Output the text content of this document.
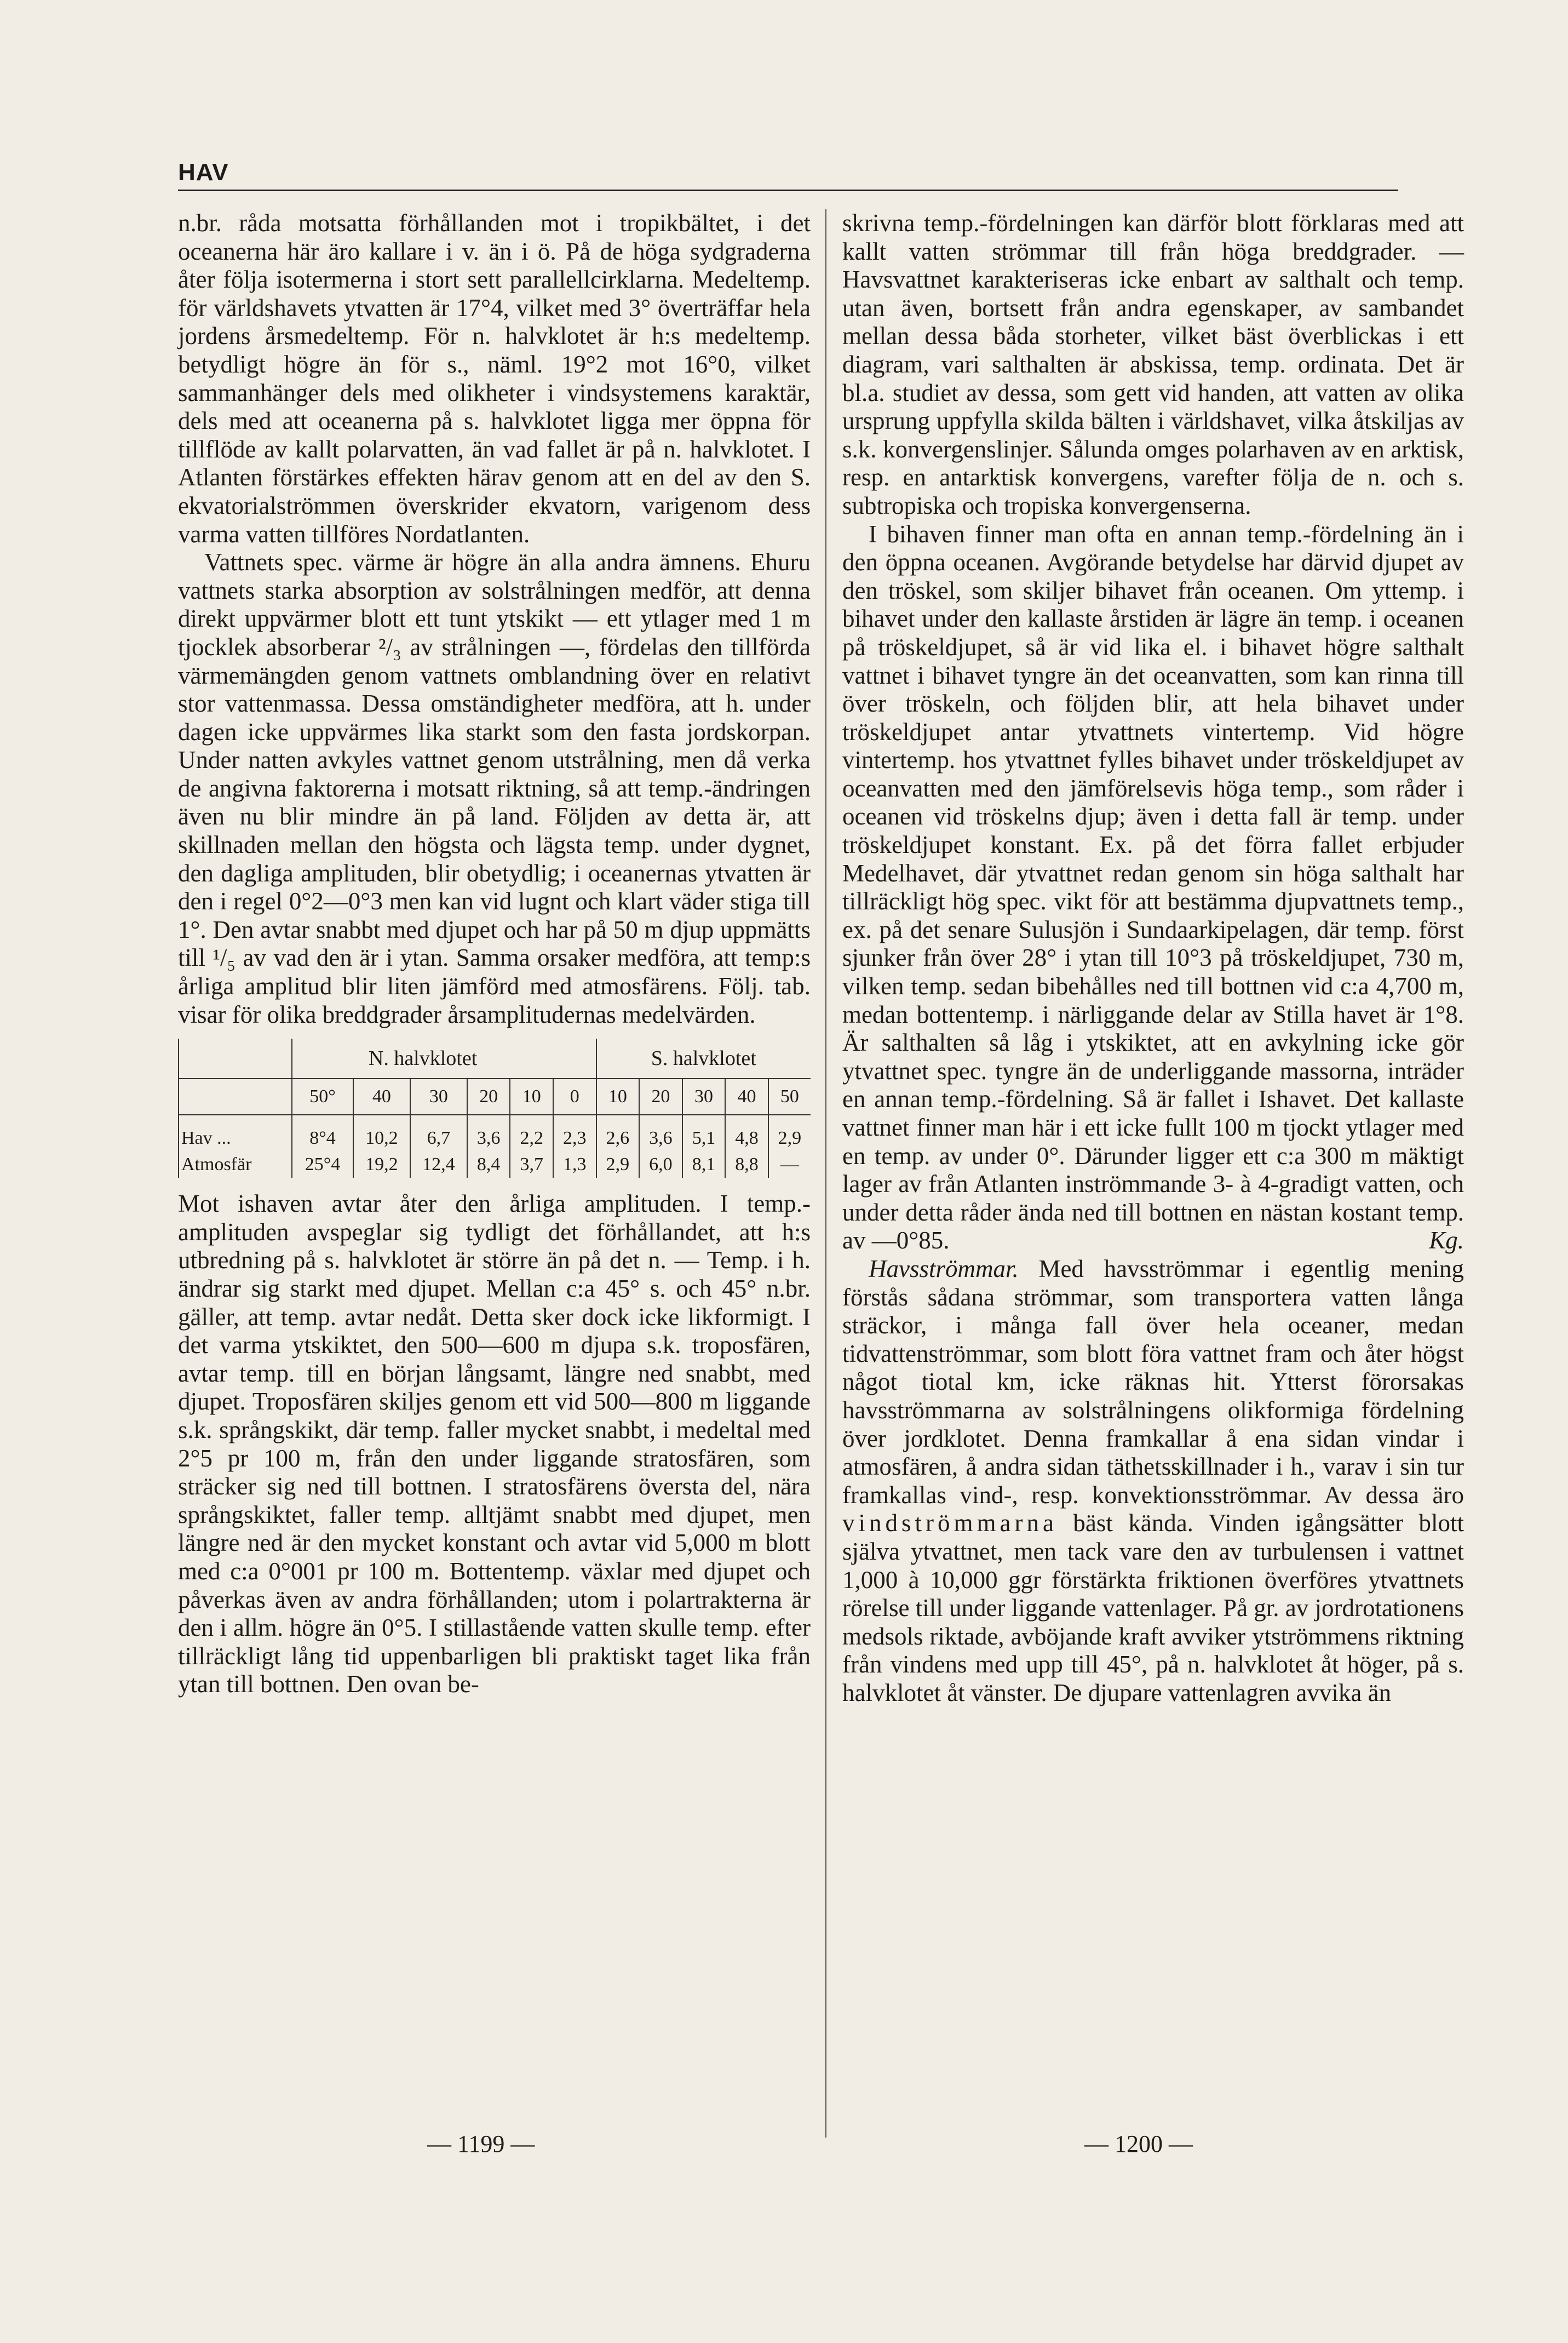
HAV

n.br. råda motsatta förhållanden mot i tropikbältet, i det oceanerna här äro kallare i v. än i ö. På de höga sydgraderna åter följa isotermerna i stort sett parallellcirklarna. Medeltemp. för världshavets ytvatten är 17°4, vilket med 3° överträffar hela jordens årsmedeltemp. För n. halvklotet är h:s medeltemp. betydligt högre än för s., näml. 19°2 mot 16°0, vilket sammanhänger dels med olikheter i vindsystemens karaktär, dels med att oceanerna på s. halvklotet ligga mer öppna för tillflöde av kallt polarvatten, än vad fallet är på n. halvklotet. I Atlanten förstärkes effekten härav genom att en del av den S. ekvatorialströmmen överskrider ekvatorn, varigenom dess varma vatten tillföres Nordatlanten.

Vattnets spec. värme är högre än alla andra ämnens. Ehuru vattnets starka absorption av solstrålningen medför, att denna direkt uppvärmer blott ett tunt ytskikt — ett ytlager med 1 m tjocklek absorberar ²/₃ av strålningen —, fördelas den tillförda värmemängden genom vattnets omblandning över en relativt stor vattenmassa. Dessa omständigheter medföra, att h. under dagen icke uppvärmes lika starkt som den fasta jordskorpan. Under natten avkyles vattnet genom utstrålning, men då verka de angivna faktorerna i motsatt riktning, så att temp.-ändringen även nu blir mindre än på land. Följden av detta är, att skillnaden mellan den högsta och lägsta temp. under dygnet, den dagliga amplituden, blir obetydlig; i oceanernas ytvatten är den i regel 0°2—0°3 men kan vid lugnt och klart väder stiga till 1°. Den avtar snabbt med djupet och har på 50 m djup uppmätts till ¹/₅ av vad den är i ytan. Samma orsaker medföra, att temp:s årliga amplitud blir liten jämförd med atmosfärens. Följ. tab. visar för olika breddgrader årsamplitudernas medelvärden.

	N. halvklotet						S. halvklotet				
	50°	40	30	20	10	0	10	20	30	40	50
Hav ...	8°4	10,2	6,7	3,6	2,2	2,3	2,6	3,6	5,1	4,8	2,9
Atmosfär	25°4	19,2	12,4	8,4	3,7	1,3	2,9	6,0	8,1	8,8	—

Mot ishaven avtar åter den årliga amplituden. I temp.-amplituden avspeglar sig tydligt det förhållandet, att h:s utbredning på s. halvklotet är större än på det n. — Temp. i h. ändrar sig starkt med djupet. Mellan c:a 45° s. och 45° n.br. gäller, att temp. avtar nedåt. Detta sker dock icke likformigt. I det varma ytskiktet, den 500—600 m djupa s.k. troposfären, avtar temp. till en början långsamt, längre ned snabbt, med djupet. Troposfären skiljes genom ett vid 500—800 m liggande s.k. språngskikt, där temp. faller mycket snabbt, i medeltal med 2°5 pr 100 m, från den under liggande stratosfären, som sträcker sig ned till bottnen. I stratosfärens översta del, nära språngskiktet, faller temp. alltjämt snabbt med djupet, men längre ned är den mycket konstant och avtar vid 5,000 m blott med c:a 0°001 pr 100 m. Bottentemp. växlar med djupet och påverkas även av andra förhållanden; utom i polartrakterna är den i allm. högre än 0°5. I stillastående vatten skulle temp. efter tillräckligt lång tid uppenbarligen bli praktiskt taget lika från ytan till bottnen. Den ovan be-

skrivna temp.-fördelningen kan därför blott förklaras med att kallt vatten strömmar till från höga breddgrader. — Havsvattnet karakteriseras icke enbart av salthalt och temp. utan även, bortsett från andra egenskaper, av sambandet mellan dessa båda storheter, vilket bäst överblickas i ett diagram, vari salthalten är abskissa, temp. ordinata. Det är bl.a. studiet av dessa, som gett vid handen, att vatten av olika ursprung uppfylla skilda bälten i världshavet, vilka åtskiljas av s.k. konvergenslinjer. Sålunda omges polarhaven av en arktisk, resp. en antarktisk konvergens, varefter följa de n. och s. subtropiska och tropiska konvergenserna.

I bihaven finner man ofta en annan temp.-fördelning än i den öppna oceanen. Avgörande betydelse har därvid djupet av den tröskel, som skiljer bihavet från oceanen. Om yttemp. i bihavet under den kallaste årstiden är lägre än temp. i oceanen på tröskeldjupet, så är vid lika el. i bihavet högre salthalt vattnet i bihavet tyngre än det oceanvatten, som kan rinna till över tröskeln, och följden blir, att hela bihavet under tröskeldjupet antar ytvattnets vintertemp. Vid högre vintertemp. hos ytvattnet fylles bihavet under tröskeldjupet av oceanvatten med den jämförelsevis höga temp., som råder i oceanen vid tröskelns djup; även i detta fall är temp. under tröskeldjupet konstant. Ex. på det förra fallet erbjuder Medelhavet, där ytvattnet redan genom sin höga salthalt har tillräckligt hög spec. vikt för att bestämma djupvattnets temp., ex. på det senare Sulusjön i Sundaarkipelagen, där temp. först sjunker från över 28° i ytan till 10°3 på tröskeldjupet, 730 m, vilken temp. sedan bibehålles ned till bottnen vid c:a 4,700 m, medan bottentemp. i närliggande delar av Stilla havet är 1°8. Är salthalten så låg i ytskiktet, att en avkylning icke gör ytvattnet spec. tyngre än de underliggande massorna, inträder en annan temp.-fördelning. Så är fallet i Ishavet. Det kallaste vattnet finner man här i ett icke fullt 100 m tjockt ytlager med en temp. av under 0°. Därunder ligger ett c:a 300 m mäktigt lager av från Atlanten inströmmande 3- à 4-gradigt vatten, och under detta råder ända ned till bottnen en nästan kostant temp. av —0°85.	Kg.

Havsströmmar. Med havsströmmar i egentlig mening förstås sådana strömmar, som transportera vatten långa sträckor, i många fall över hela oceaner, medan tidvattenströmmar, som blott föra vattnet fram och åter högst något tiotal km, icke räknas hit. Ytterst förorsakas havsströmmarna av solstrålningens olikformiga fördelning över jordklotet. Denna framkallar å ena sidan vindar i atmosfären, å andra sidan täthetsskillnader i h., varav i sin tur framkallas vind-, resp. konvektionsströmmar. Av dessa äro vindströmmarna bäst kända. Vinden igångsätter blott själva ytvattnet, men tack vare den av turbulensen i vattnet 1,000 à 10,000 ggr förstärkta friktionen överföres ytvattnets rörelse till under liggande vattenlager. På gr. av jordrotationens medsols riktade, avböjande kraft avviker ytströmmens riktning från vindens med upp till 45°, på n. halvklotet åt höger, på s. halvklotet åt vänster. De djupare vattenlagren avvika än

— 1199 —	— 1200 —
